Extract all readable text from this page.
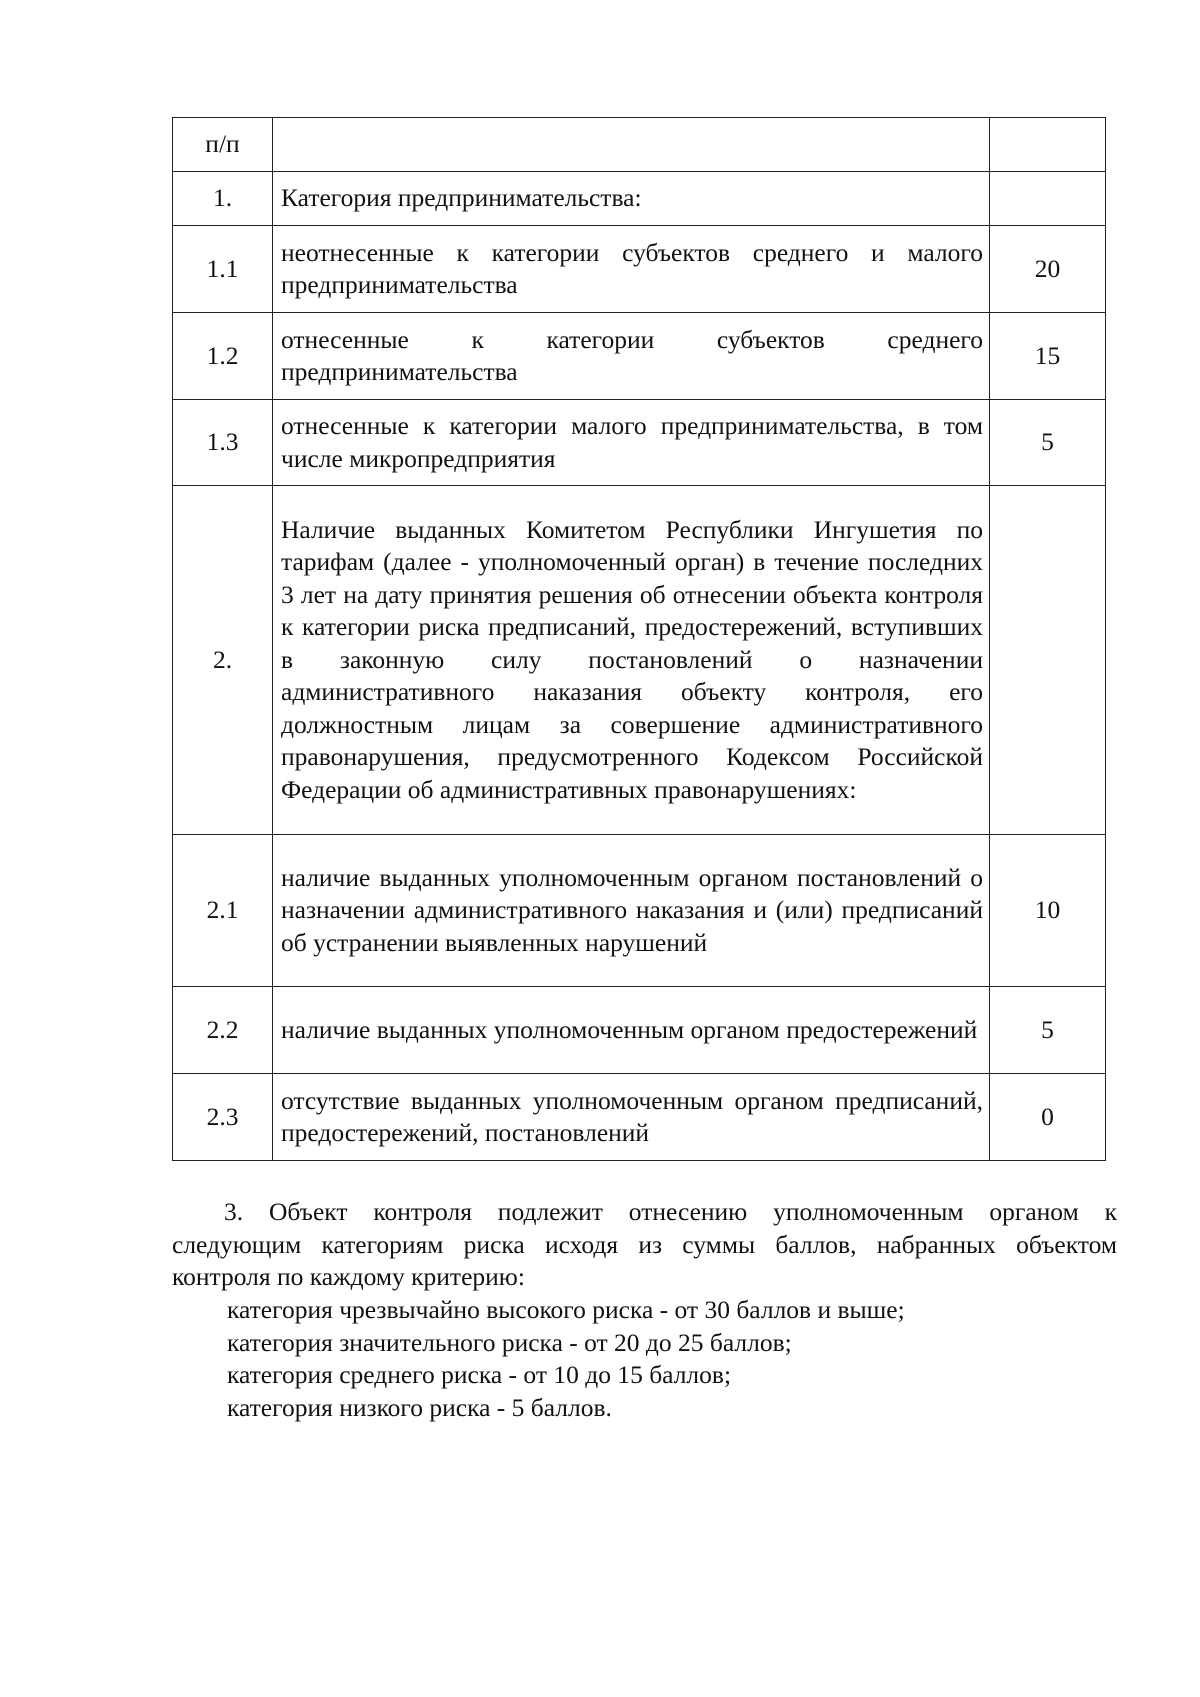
п/п		
1.	Категория предпринимательства:	
1.1	неотнесенные к категории субъектов среднего и малого предпринимательства	20
1.2	отнесенные к категории субъектов среднего предпринимательства	15
1.3	отнесенные к категории малого предпринимательства, в том числе микропредприятия	5
2.	Наличие выданных Комитетом Республики Ингушетия по тарифам (далее - уполномоченный орган) в течение последних 3 лет на дату принятия решения об отнесении объекта контроля к категории риска предписаний, предостережений, вступивших в законную силу постановлений о назначении административного наказания объекту контроля, его должностным лицам за совершение административного правонарушения, предусмотренного Кодексом Российской Федерации об административных правонарушениях:	
2.1	наличие выданных уполномоченным органом постановлений о назначении административного наказания и (или) предписаний об устранении выявленных нарушений	10
2.2	наличие выданных уполномоченным органом предостережений	5
2.3	отсутствие выданных уполномоченным органом предписаний, предостережений, постановлений	0
3. Объект контроля подлежит отнесению уполномоченным органом к
следующим категориям риска исходя из суммы баллов, набранных объектом
контроля по каждому критерию:
категория чрезвычайно высокого риска - от 30 баллов и выше;
категория значительного риска - от 20 до 25 баллов;
категория среднего риска - от 10 до 15 баллов;
категория низкого риска - 5 баллов.
